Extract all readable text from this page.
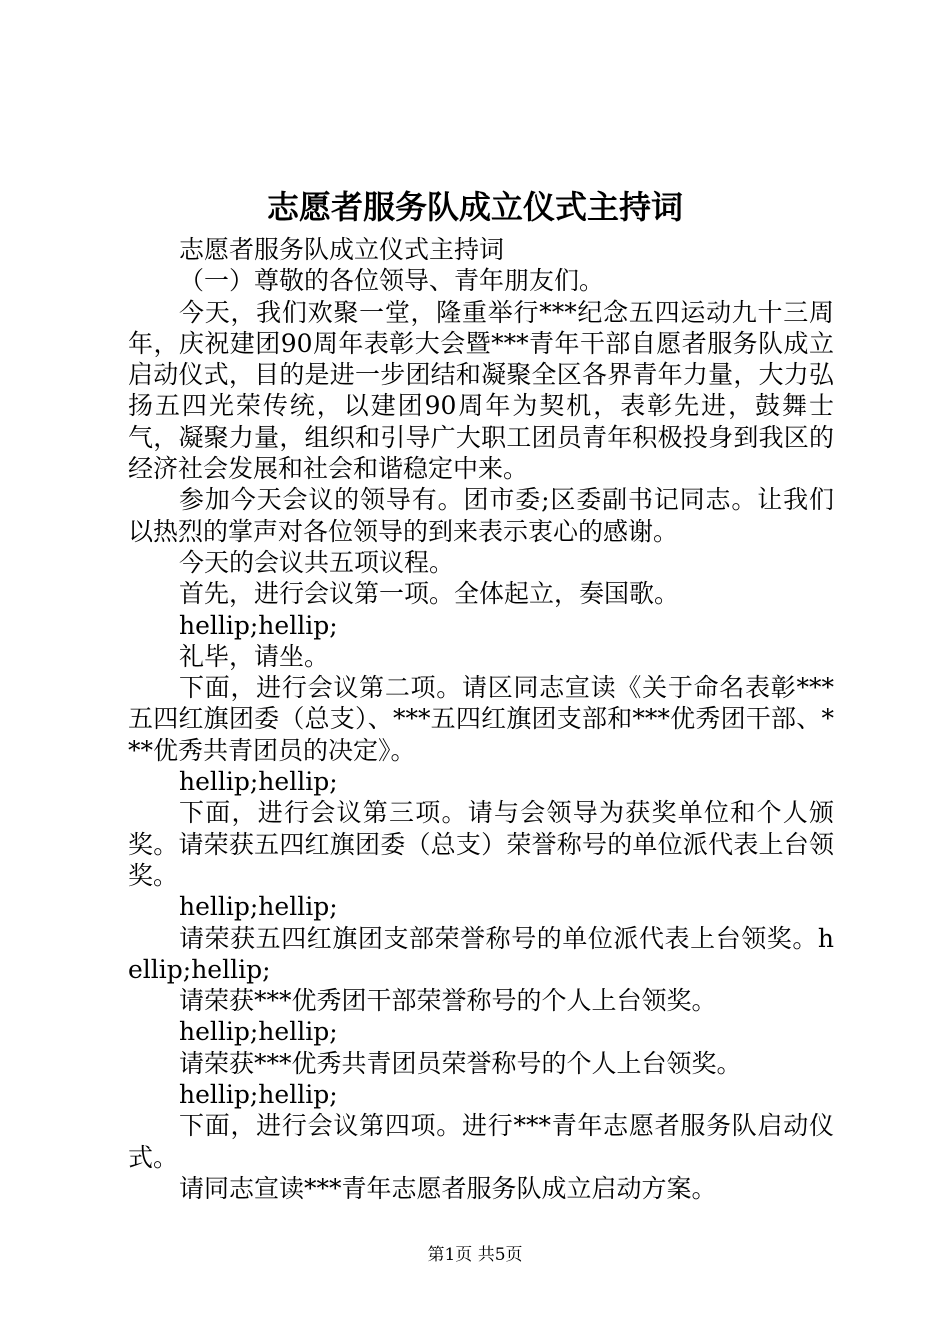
志愿者服务队成立仪式主持词

志愿者服务队成立仪式主持词

（一）尊敬的各位领导、青年朋友们。

今天，我们欢聚一堂，隆重举行***纪念五四运动九十三周年，庆祝建团90周年表彰大会暨***青年干部自愿者服务队成立启动仪式，目的是进一步团结和凝聚全区各界青年力量，大力弘扬五四光荣传统，以建团90周年为契机，表彰先进，鼓舞士气，凝聚力量，组织和引导广大职工团员青年积极投身到我区的经济社会发展和社会和谐稳定中来。

参加今天会议的领导有。团市委;区委副书记同志。让我们以热烈的掌声对各位领导的到来表示衷心的感谢。

今天的会议共五项议程。

首先，进行会议第一项。全体起立，奏国歌。

hellip;hellip;

礼毕，请坐。

下面，进行会议第二项。请区同志宣读《关于命名表彰***五四红旗团委（总支）、***五四红旗团支部和***优秀团干部、***优秀共青团员的决定》。

hellip;hellip;

下面，进行会议第三项。请与会领导为获奖单位和个人颁奖。请荣获五四红旗团委（总支）荣誉称号的单位派代表上台领奖。

hellip;hellip;

请荣获五四红旗团支部荣誉称号的单位派代表上台领奖。hellip;hellip;

请荣获***优秀团干部荣誉称号的个人上台领奖。

hellip;hellip;

请荣获***优秀共青团员荣誉称号的个人上台领奖。

hellip;hellip;

下面，进行会议第四项。进行***青年志愿者服务队启动仪式。

请同志宣读***青年志愿者服务队成立启动方案。

第1页 共5页
